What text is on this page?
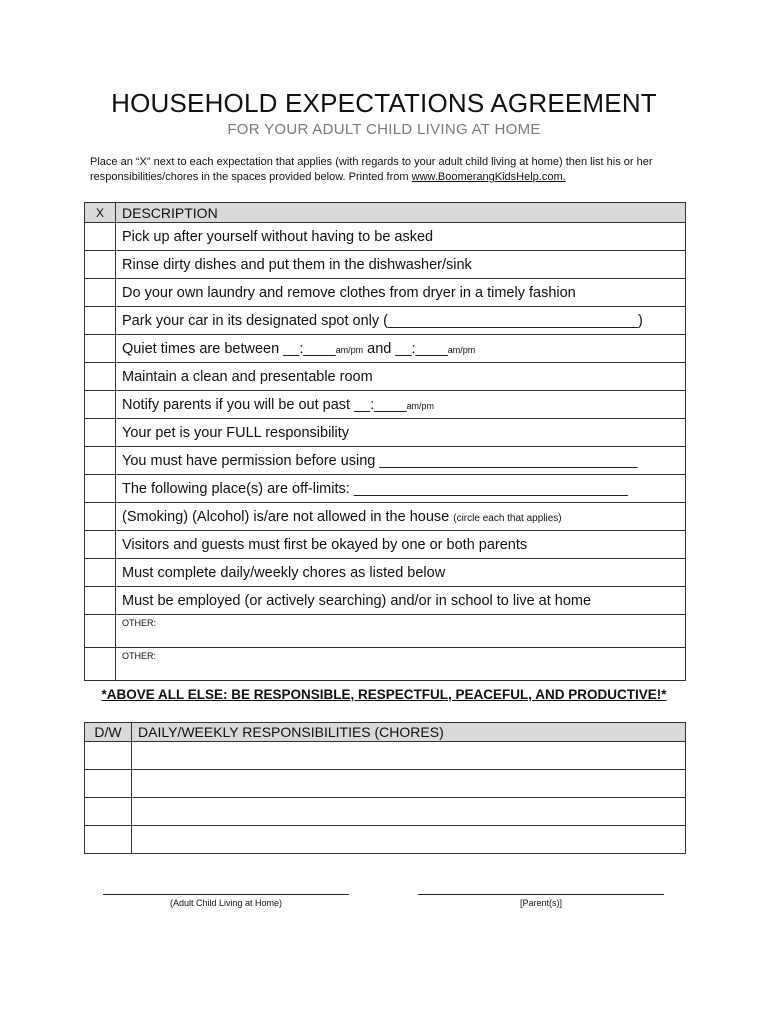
HOUSEHOLD EXPECTATIONS AGREEMENT
FOR YOUR ADULT CHILD LIVING AT HOME
Place an “X” next to each expectation that applies (with regards to your adult child living at home) then list his or her responsibilities/chores in the spaces provided below. Printed from www.BoomerangKidsHelp.com.
X	DESCRIPTION
	Pick up after yourself without having to be asked
	Rinse dirty dishes and put them in the dishwasher/sink
	Do your own laundry and remove clothes from dryer in a timely fashion
	Park your car in its designated spot only (_______________________________)
	Quiet times are between __:____am/pm and __:____am/pm
	Maintain a clean and presentable room
	Notify parents if you will be out past __:____am/pm
	Your pet is your FULL responsibility
	You must have permission before using ________________________________
	The following place(s) are off-limits: __________________________________
	(Smoking) (Alcohol) is/are not allowed in the house (circle each that applies)
	Visitors and guests must first be okayed by one or both parents
	Must complete daily/weekly chores as listed below
	Must be employed (or actively searching) and/or in school to live at home
	OTHER:
	OTHER:
*ABOVE ALL ELSE: BE RESPONSIBLE, RESPECTFUL, PEACEFUL, AND PRODUCTIVE!*
D/W	DAILY/WEEKLY RESPONSIBILITIES (CHORES)

(Adult Child Living at Home)	[Parent(s)]
